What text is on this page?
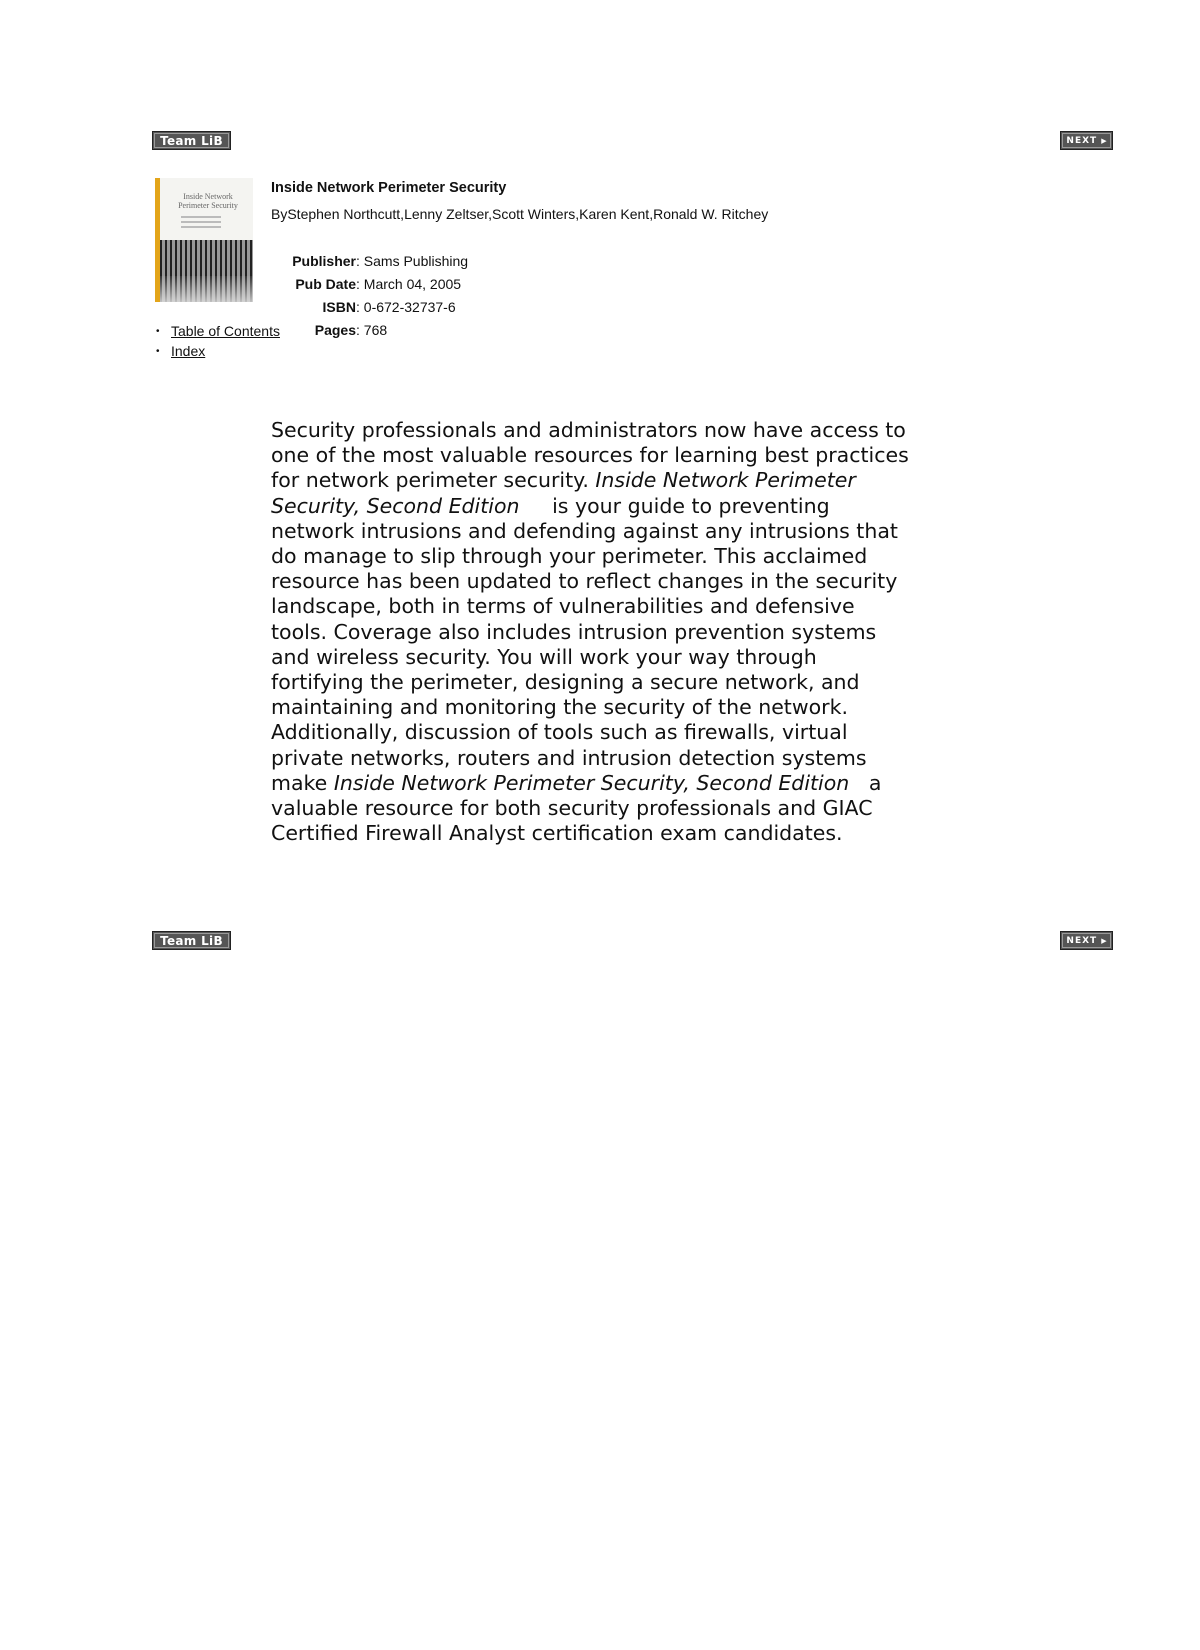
Team LiB	NEXT ▶
Inside Network
Perimeter Security
• Table of Contents
• Index
Inside Network Perimeter Security
ByStephen Northcutt,Lenny Zeltser,Scott Winters,Karen Kent,Ronald W. Ritchey
Publisher : Sams Publishing
Pub Date : March 04, 2005
ISBN : 0-672-32737-6
Pages : 768

Security professionals and administrators now have access to one of the most valuable resources for learning best practices for network perimeter security. Inside Network Perimeter Security, Second Edition is your guide to preventing network intrusions and defending against any intrusions that do manage to slip through your perimeter. This acclaimed resource has been updated to reflect changes in the security landscape, both in terms of vulnerabilities and defensive tools. Coverage also includes intrusion prevention systems and wireless security. You will work your way through fortifying the perimeter, designing a secure network, and maintaining and monitoring the security of the network. Additionally, discussion of tools such as firewalls, virtual private networks, routers and intrusion detection systems make Inside Network Perimeter Security, Second Edition a valuable resource for both security professionals and GIAC Certified Firewall Analyst certification exam candidates.

Team LiB	NEXT ▶
